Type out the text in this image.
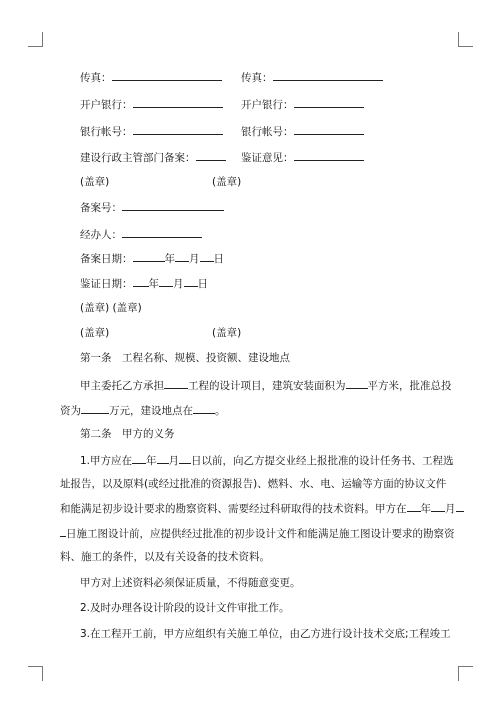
传真：	传真：
开户银行：	开户银行：
银行帐号：	银行帐号：
建设行政主管部门备案：	鉴证意见：
(盖章)	(盖章)
备案号：
经办人：
备案日期：	年 月 日
鉴证日期： 年 月 日
(盖章) (盖章)
(盖章)	(盖章)
第一条　工程名称、规模、投资额、建设地点
甲主委托乙方承担 工程的设计项目，建筑安装面积为 平方米，批准总投
资为	万元，建设地点在 。
第二条　甲方的义务
1.甲方应在 年 月 日以前，向乙方提交业经上报批准的设计任务书、工程选
址报告，以及原料(或经过批准的资源报告)、燃料、水、电、运输等方面的协议文件
和能满足初步设计要求的勘察资料、需要经过科研取得的技术资料。甲方在 年 月
日施工图设计前，应提供经过批准的初步设计文件和能满足施工图设计要求的勘察资
料、施工的条件，以及有关设备的技术资料。
甲方对上述资料必须保证质量，不得随意变更。
2.及时办理各设计阶段的设计文件审批工作。
3.在工程开工前，甲方应组织有关施工单位，由乙方进行设计技术交底;工程竣工
